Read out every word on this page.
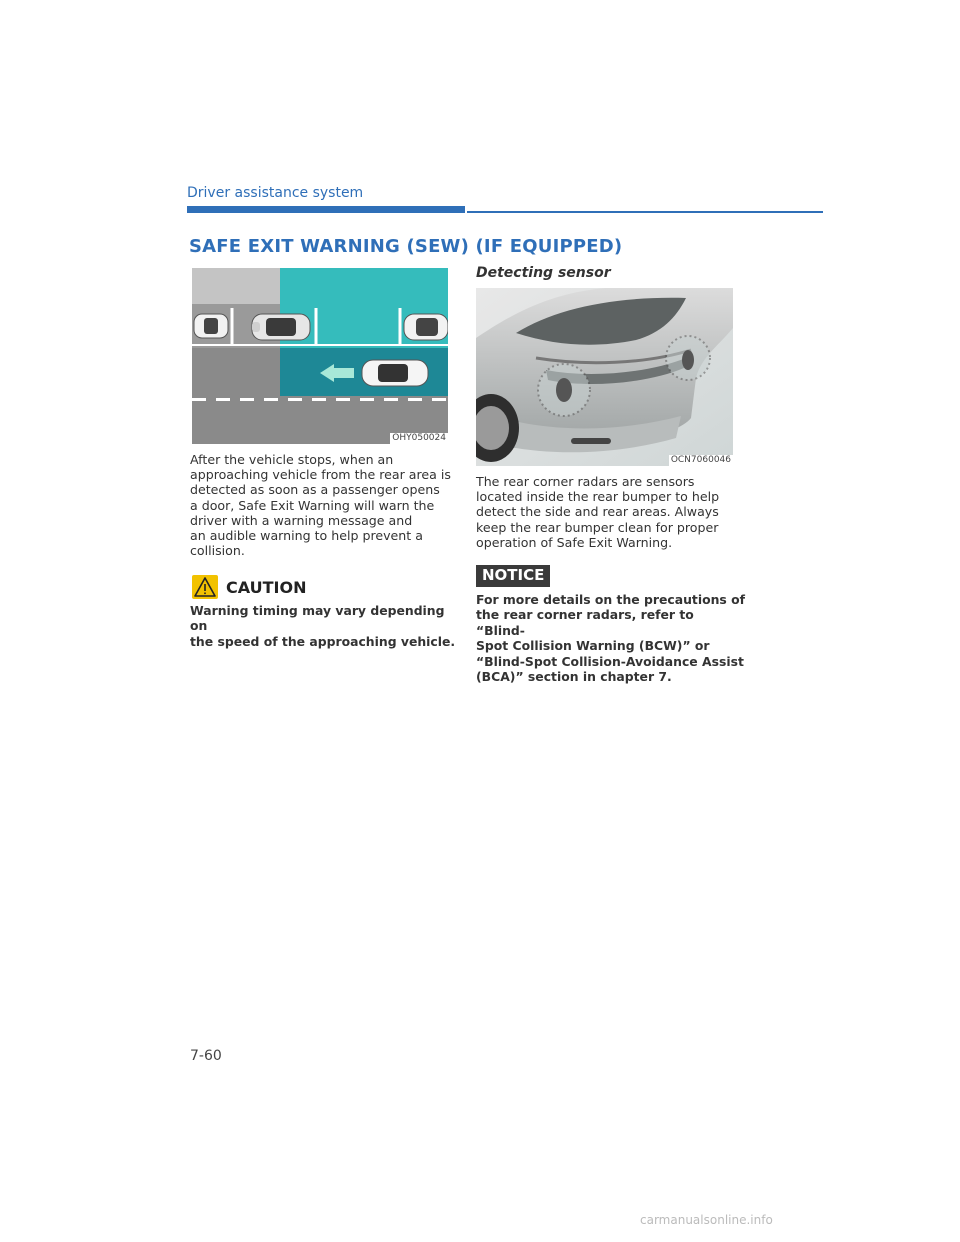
Driver assistance system
SAFE EXIT WARNING (SEW) (IF EQUIPPED)
OHY050024
After the vehicle stops, when an
approaching vehicle from the rear area is
detected as soon as a passenger opens
a door, Safe Exit Warning will warn the
driver with a warning message and
an audible warning to help prevent a
collision.
CAUTION
Warning timing may vary depending on
the speed of the approaching vehicle.
Detecting sensor
OCN7060046
The rear corner radars are sensors
located inside the rear bumper to help
detect the side and rear areas. Always
keep the rear bumper clean for proper
operation of Safe Exit Warning.
NOTICE
For more details on the precautions of
the rear corner radars, refer to “Blind-
Spot Collision Warning (BCW)” or
“Blind-Spot Collision-Avoidance Assist
(BCA)” section in chapter 7.
7-60
carmanualsonline.info
